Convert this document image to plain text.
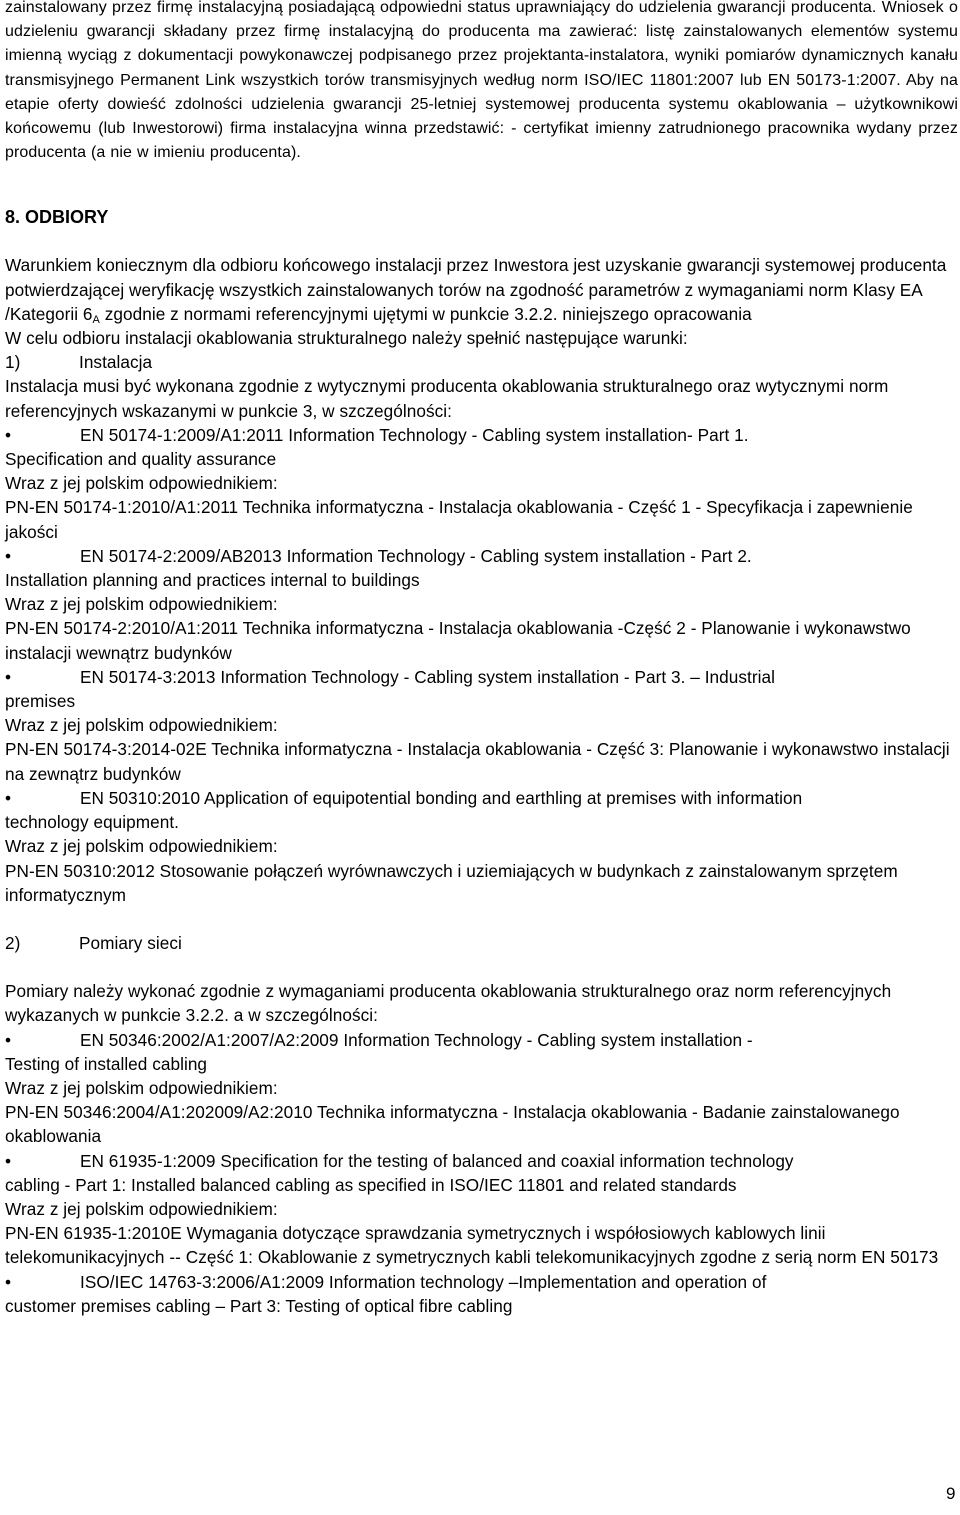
zainstalowany przez firmę instalacyjną posiadającą odpowiedni status uprawniający do udzielenia gwarancji producenta. Wniosek o udzieleniu gwarancji składany przez firmę instalacyjną do producenta ma zawierać: listę zainstalowanych elementów systemu imienną wyciąg z dokumentacji powykonawczej podpisanego przez projektanta-instalatora, wyniki pomiarów dynamicznych kanału transmisyjnego Permanent Link wszystkich torów transmisyjnych według norm ISO/IEC 11801:2007 lub EN 50173-1:2007. Aby na etapie oferty dowieść zdolności udzielenia gwarancji 25-letniej systemowej producenta systemu okablowania – użytkownikowi końcowemu (lub Inwestorowi) firma instalacyjna winna przedstawić: - certyfikat imienny zatrudnionego pracownika wydany przez producenta (a nie w imieniu producenta).

8. ODBIORY

Warunkiem koniecznym dla odbioru końcowego instalacji przez Inwestora jest uzyskanie gwarancji systemowej producenta potwierdzającej weryfikację wszystkich zainstalowanych torów na zgodność parametrów z wymaganiami norm Klasy EA /Kategorii $6_A$ zgodnie z normami referencyjnymi ujętymi w punkcie 3.2.2. niniejszego opracowania

W celu odbioru instalacji okablowania strukturalnego należy spełnić następujące warunki:

1)	Instalacja

Instalacja musi być wykonana zgodnie z wytycznymi producenta okablowania strukturalnego oraz wytycznymi norm referencyjnych wskazanymi w punkcie 3, w szczególności:

•	EN 50174-1:2009/A1:2011 Information Technology - Cabling system installation- Part 1.

Specification and quality assurance

Wraz z jej polskim odpowiednikiem:

PN-EN 50174-1:2010/A1:2011 Technika informatyczna - Instalacja okablowania - Część 1 - Specyfikacja i zapewnienie jakości

•	EN 50174-2:2009/AB2013 Information Technology - Cabling system installation - Part 2.

Installation planning and practices internal to buildings

Wraz z jej polskim odpowiednikiem:

PN-EN 50174-2:2010/A1:2011 Technika informatyczna - Instalacja okablowania -Część 2 - Planowanie i wykonawstwo instalacji wewnątrz budynków

•	EN 50174-3:2013 Information Technology - Cabling system installation - Part 3. – Industrial

premises

Wraz z jej polskim odpowiednikiem:

PN-EN 50174-3:2014-02E Technika informatyczna - Instalacja okablowania - Część 3: Planowanie i wykonawstwo instalacji na zewnątrz budynków

•	EN 50310:2010 Application of equipotential bonding and earthling at premises with information

technology equipment.

Wraz z jej polskim odpowiednikiem:

PN-EN 50310:2012 Stosowanie połączeń wyrównawczych i uziemiających w budynkach z zainstalowanym sprzętem informatycznym

2)	Pomiary sieci

Pomiary należy wykonać zgodnie z wymaganiami producenta okablowania strukturalnego oraz norm referencyjnych wykazanych w punkcie 3.2.2. a w szczególności:

•	EN 50346:2002/A1:2007/A2:2009 Information Technology - Cabling system installation -

Testing of installed cabling

Wraz z jej polskim odpowiednikiem:

PN-EN 50346:2004/A1:202009/A2:2010 Technika informatyczna - Instalacja okablowania - Badanie zainstalowanego okablowania

•	EN 61935-1:2009 Specification for the testing of balanced and coaxial information technology

cabling - Part 1: Installed balanced cabling as specified in ISO/IEC 11801 and related standards

Wraz z jej polskim odpowiednikiem:

PN-EN 61935-1:2010E Wymagania dotyczące sprawdzania symetrycznych i współosiowych kablowych linii telekomunikacyjnych -- Część 1: Okablowanie z symetrycznych kabli telekomunikacyjnych zgodne z serią norm EN 50173

•	ISO/IEC 14763-3:2006/A1:2009 Information technology –Implementation and operation of

customer premises cabling – Part 3: Testing of optical fibre cabling

9
